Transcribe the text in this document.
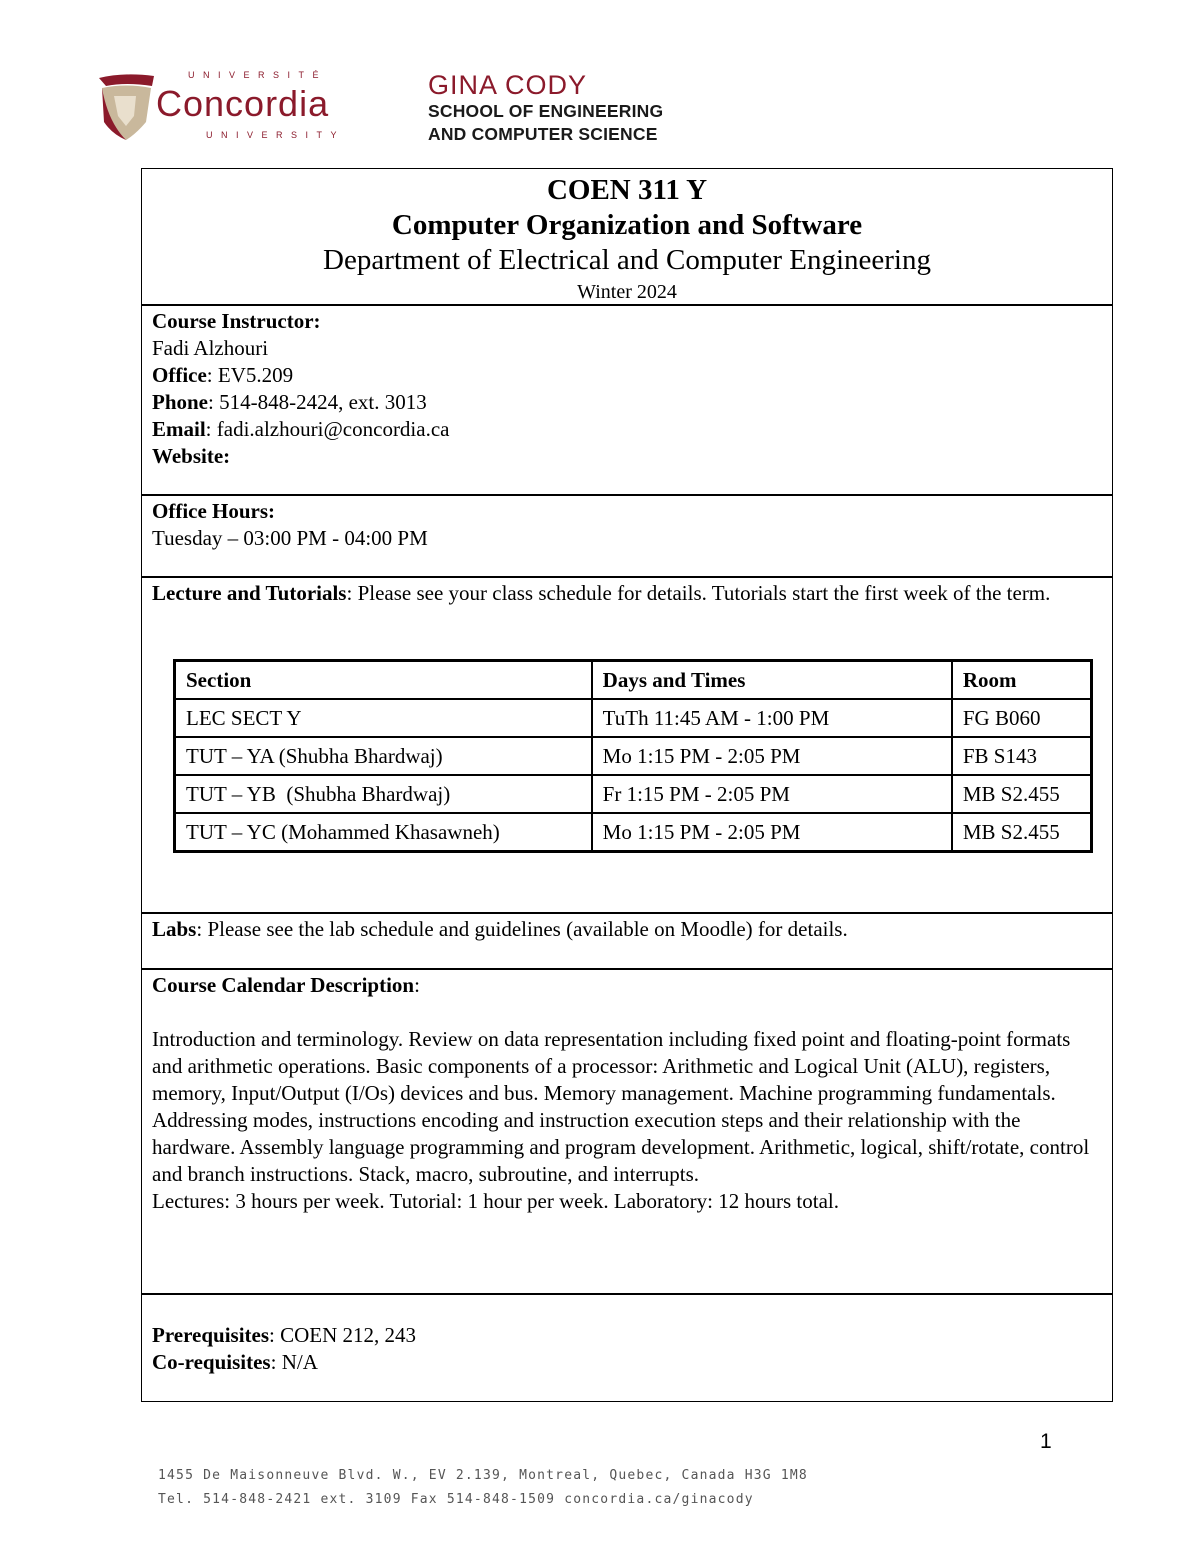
UNIVERSITÉ
Concordia
UNIVERSITY
GINA CODY
SCHOOL OF ENGINEERING
AND COMPUTER SCIENCE
COEN 311 Y
Computer Organization and Software
Department of Electrical and Computer Engineering
Winter 2024
Course Instructor:
Fadi Alzhouri
Office: EV5.209
Phone: 514-848-2424, ext. 3013
Email: fadi.alzhouri@concordia.ca
Website:
Office Hours:
Tuesday – 03:00 PM - 04:00 PM
Lecture and Tutorials: Please see your class schedule for details. Tutorials start the first week of the term.
Labs: Please see the lab schedule and guidelines (available on Moodle) for details.
Course Calendar Description:
Introduction and terminology. Review on data representation including fixed point and floating-point formats and arithmetic operations. Basic components of a processor: Arithmetic and Logical Unit (ALU), registers, memory, Input/Output (I/Os) devices and bus. Memory management. Machine programming fundamentals. Addressing modes, instructions encoding and instruction execution steps and their relationship with the hardware. Assembly language programming and program development. Arithmetic, logical, shift/rotate, control and branch instructions. Stack, macro, subroutine, and interrupts.
Lectures: 3 hours per week. Tutorial: 1 hour per week. Laboratory: 12 hours total.
Prerequisites: COEN 212, 243
Co-requisites: N/A
Section	Days and Times	Room
LEC SECT Y	TuTh 11:45 AM - 1:00 PM	FG B060
TUT – YA (Shubha Bhardwaj)	Mo 1:15 PM - 2:05 PM	FB S143
TUT – YB  (Shubha Bhardwaj)	Fr 1:15 PM - 2:05 PM	MB S2.455
TUT – YC (Mohammed Khasawneh)	Mo 1:15 PM - 2:05 PM	MB S2.455
1
1455 De Maisonneuve Blvd. W., EV 2.139, Montreal, Quebec, Canada H3G 1M8
Tel. 514-848-2421 ext. 3109 Fax 514-848-1509 concordia.ca/ginacody
